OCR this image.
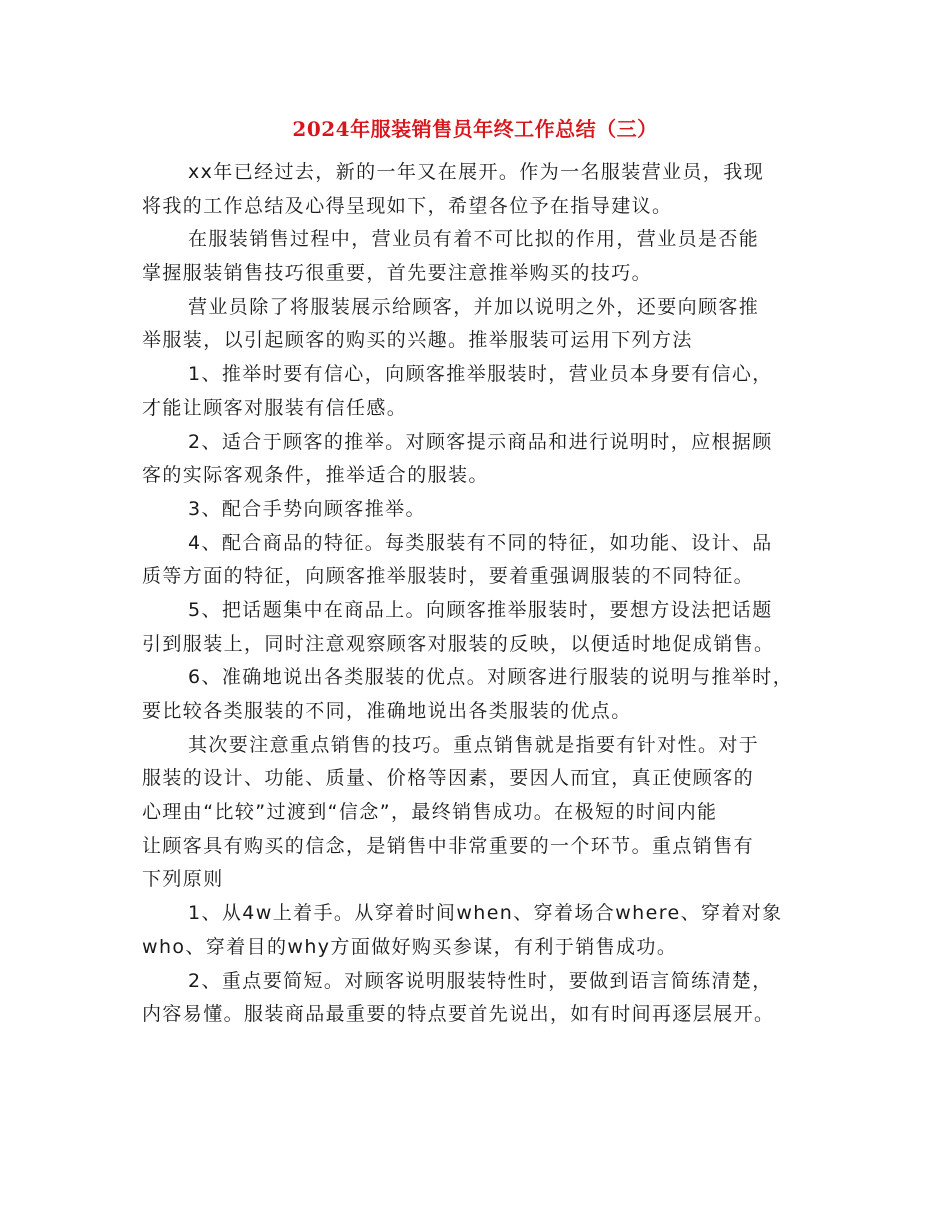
2024年服装销售员年终工作总结（三）
xx年已经过去，新的一年又在展开。作为一名服装营业员，我现
将我的工作总结及心得呈现如下，希望各位予在指导建议。
在服装销售过程中，营业员有着不可比拟的作用，营业员是否能
掌握服装销售技巧很重要，首先要注意推举购买的技巧。
营业员除了将服装展示给顾客，并加以说明之外，还要向顾客推
举服装，以引起顾客的购买的兴趣。推举服装可运用下列方法
1、推举时要有信心，向顾客推举服装时，营业员本身要有信心，
才能让顾客对服装有信任感。
2、适合于顾客的推举。对顾客提示商品和进行说明时，应根据顾
客的实际客观条件，推举适合的服装。
3、配合手势向顾客推举。
4、配合商品的特征。每类服装有不同的特征，如功能、设计、品
质等方面的特征，向顾客推举服装时，要着重强调服装的不同特征。
5、把话题集中在商品上。向顾客推举服装时，要想方设法把话题
引到服装上，同时注意观察顾客对服装的反映，以便适时地促成销售。
6、准确地说出各类服装的优点。对顾客进行服装的说明与推举时，
要比较各类服装的不同，准确地说出各类服装的优点。
其次要注意重点销售的技巧。重点销售就是指要有针对性。对于
服装的设计、功能、质量、价格等因素，要因人而宜，真正使顾客的
心理由“比较”过渡到“信念”，最终销售成功。在极短的时间内能
让顾客具有购买的信念，是销售中非常重要的一个环节。重点销售有
下列原则
1、从4w上着手。从穿着时间when、穿着场合where、穿着对象
who、穿着目的why方面做好购买参谋，有利于销售成功。
2、重点要简短。对顾客说明服装特性时，要做到语言简练清楚，
内容易懂。服装商品最重要的特点要首先说出，如有时间再逐层展开。
